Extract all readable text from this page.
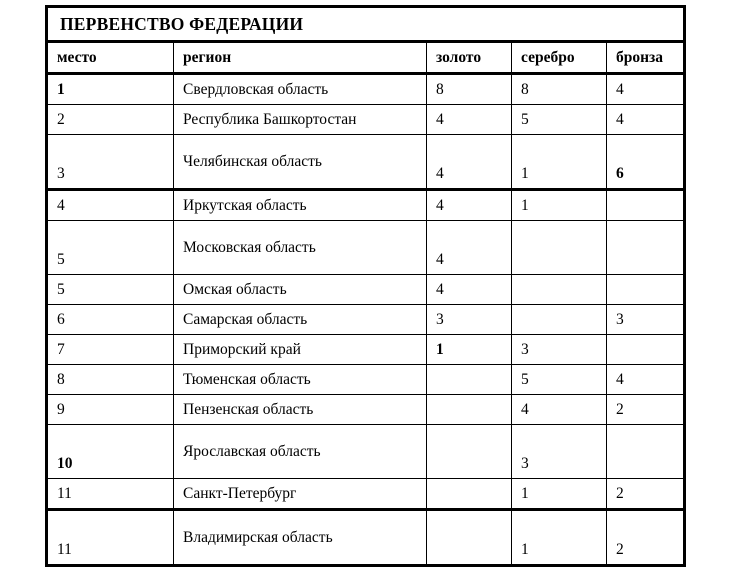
ПЕРВЕНСТВО ФЕДЕРАЦИИ				
место	регион	золото	серебро	бронза
1	Свердловская область	8	8	4
2	Республика Башкортостан	4	5	4
3	Челябинская область	4	1	6
4	Иркутская область	4	1	
5	Московская область	4		
5	Омская область	4		
6	Самарская область	3		3
7	Приморский край	1	3	
8	Тюменская область		5	4
9	Пензенская область		4	2
10	Ярославская область		3	
11	Санкт-Петербург		1	2
11	Владимирская область		1	2
